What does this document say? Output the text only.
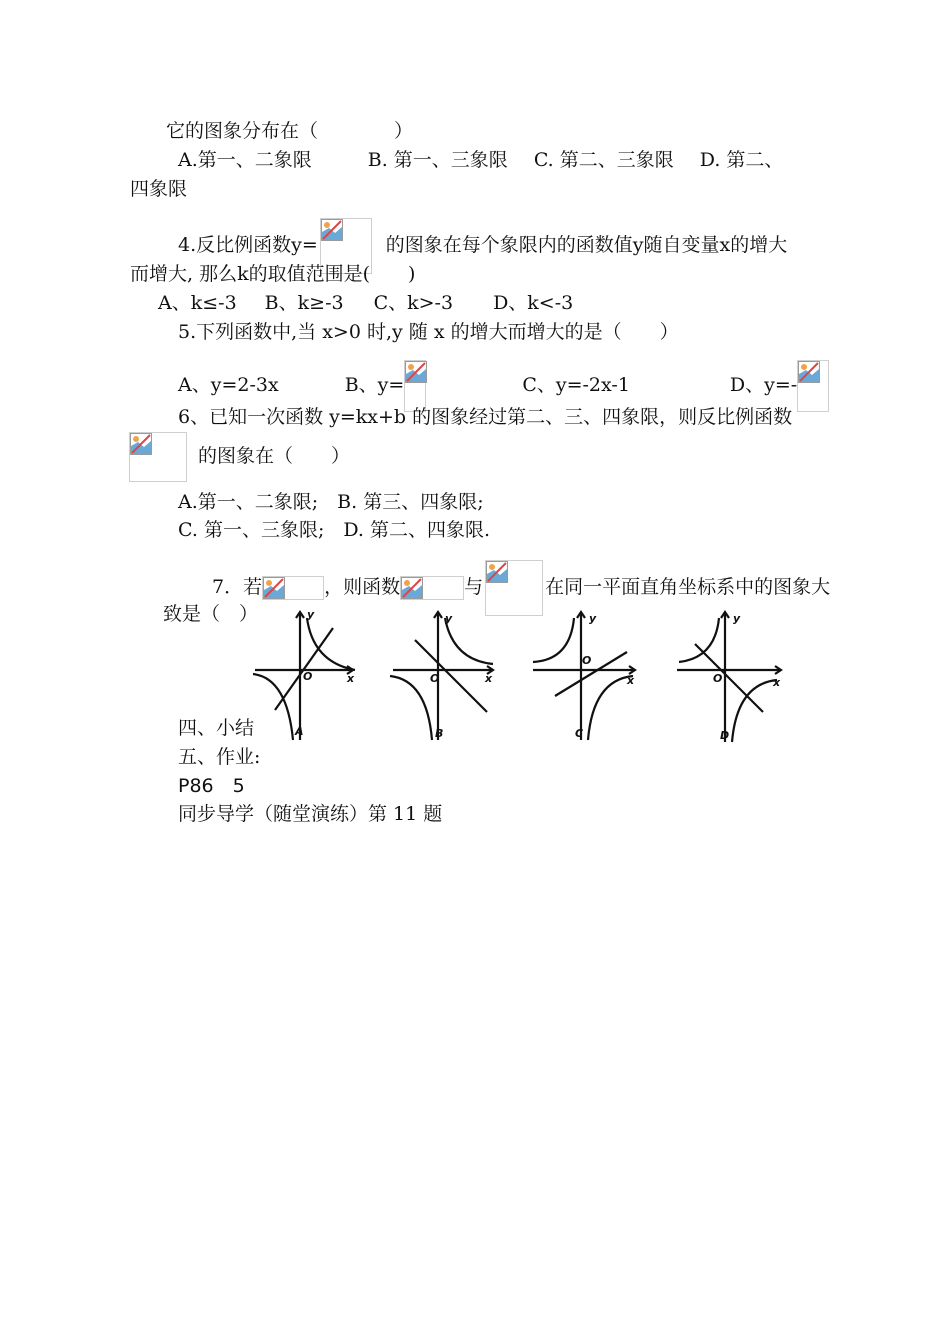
它的图象分布在（　　　　）
A.第一、二象限	B. 第一、三象限 C. 第二、三象限 D. 第二、
四象限
4.反比例函数y=	的图象在每个象限内的函数值y随自变量x的增大
而增大, 那么k的取值范围是(　　)
A、k≤-3 B、k≥-3 C、k>-3 D、k<-3
5.下列函数中,当 x>0 时,y 随 x 的增大而增大的是（　　）
A、y=2-3x	B、y=	C、y=-2x-1	D、y=-
6、已知一次函数 y=kx+b 的图象经过第二、三、四象限，则反比例函数
的图象在（　　）
A.第一、二象限;　B. 第三、四象限;
C. 第一、三象限;　D. 第二、四象限.
7．若	，则函数	与	在同一平面直角坐标系中的图象大
致是（　）
O	x
y
A
O	x
y
B
O
x
y
C
O	x
y
D
四、小结
五、作业:
P86　5
同步导学（随堂演练）第 11 题
